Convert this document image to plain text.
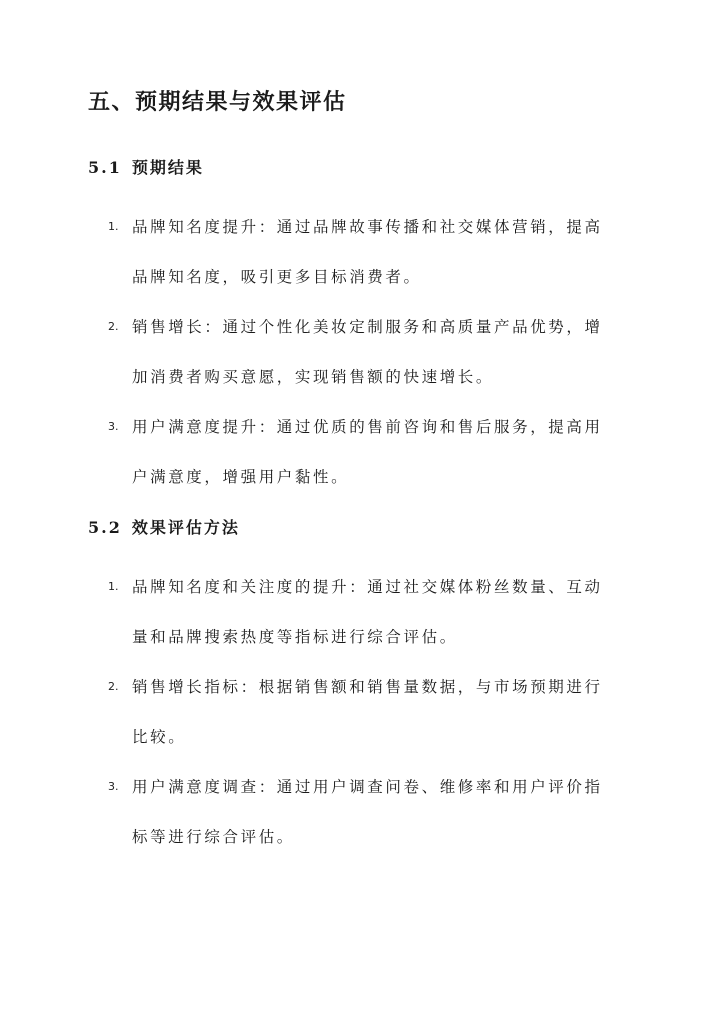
五、预期结果与效果评估
5.1 预期结果
1. 品牌知名度提升：通过品牌故事传播和社交媒体营销，提高
品牌知名度，吸引更多目标消费者。
2. 销售增长：通过个性化美妆定制服务和高质量产品优势，增
加消费者购买意愿，实现销售额的快速增长。
3. 用户满意度提升：通过优质的售前咨询和售后服务，提高用
户满意度，增强用户黏性。
5.2 效果评估方法
1. 品牌知名度和关注度的提升：通过社交媒体粉丝数量、互动
量和品牌搜索热度等指标进行综合评估。
2. 销售增长指标：根据销售额和销售量数据，与市场预期进行
比较。
3. 用户满意度调查：通过用户调查问卷、维修率和用户评价指
标等进行综合评估。
